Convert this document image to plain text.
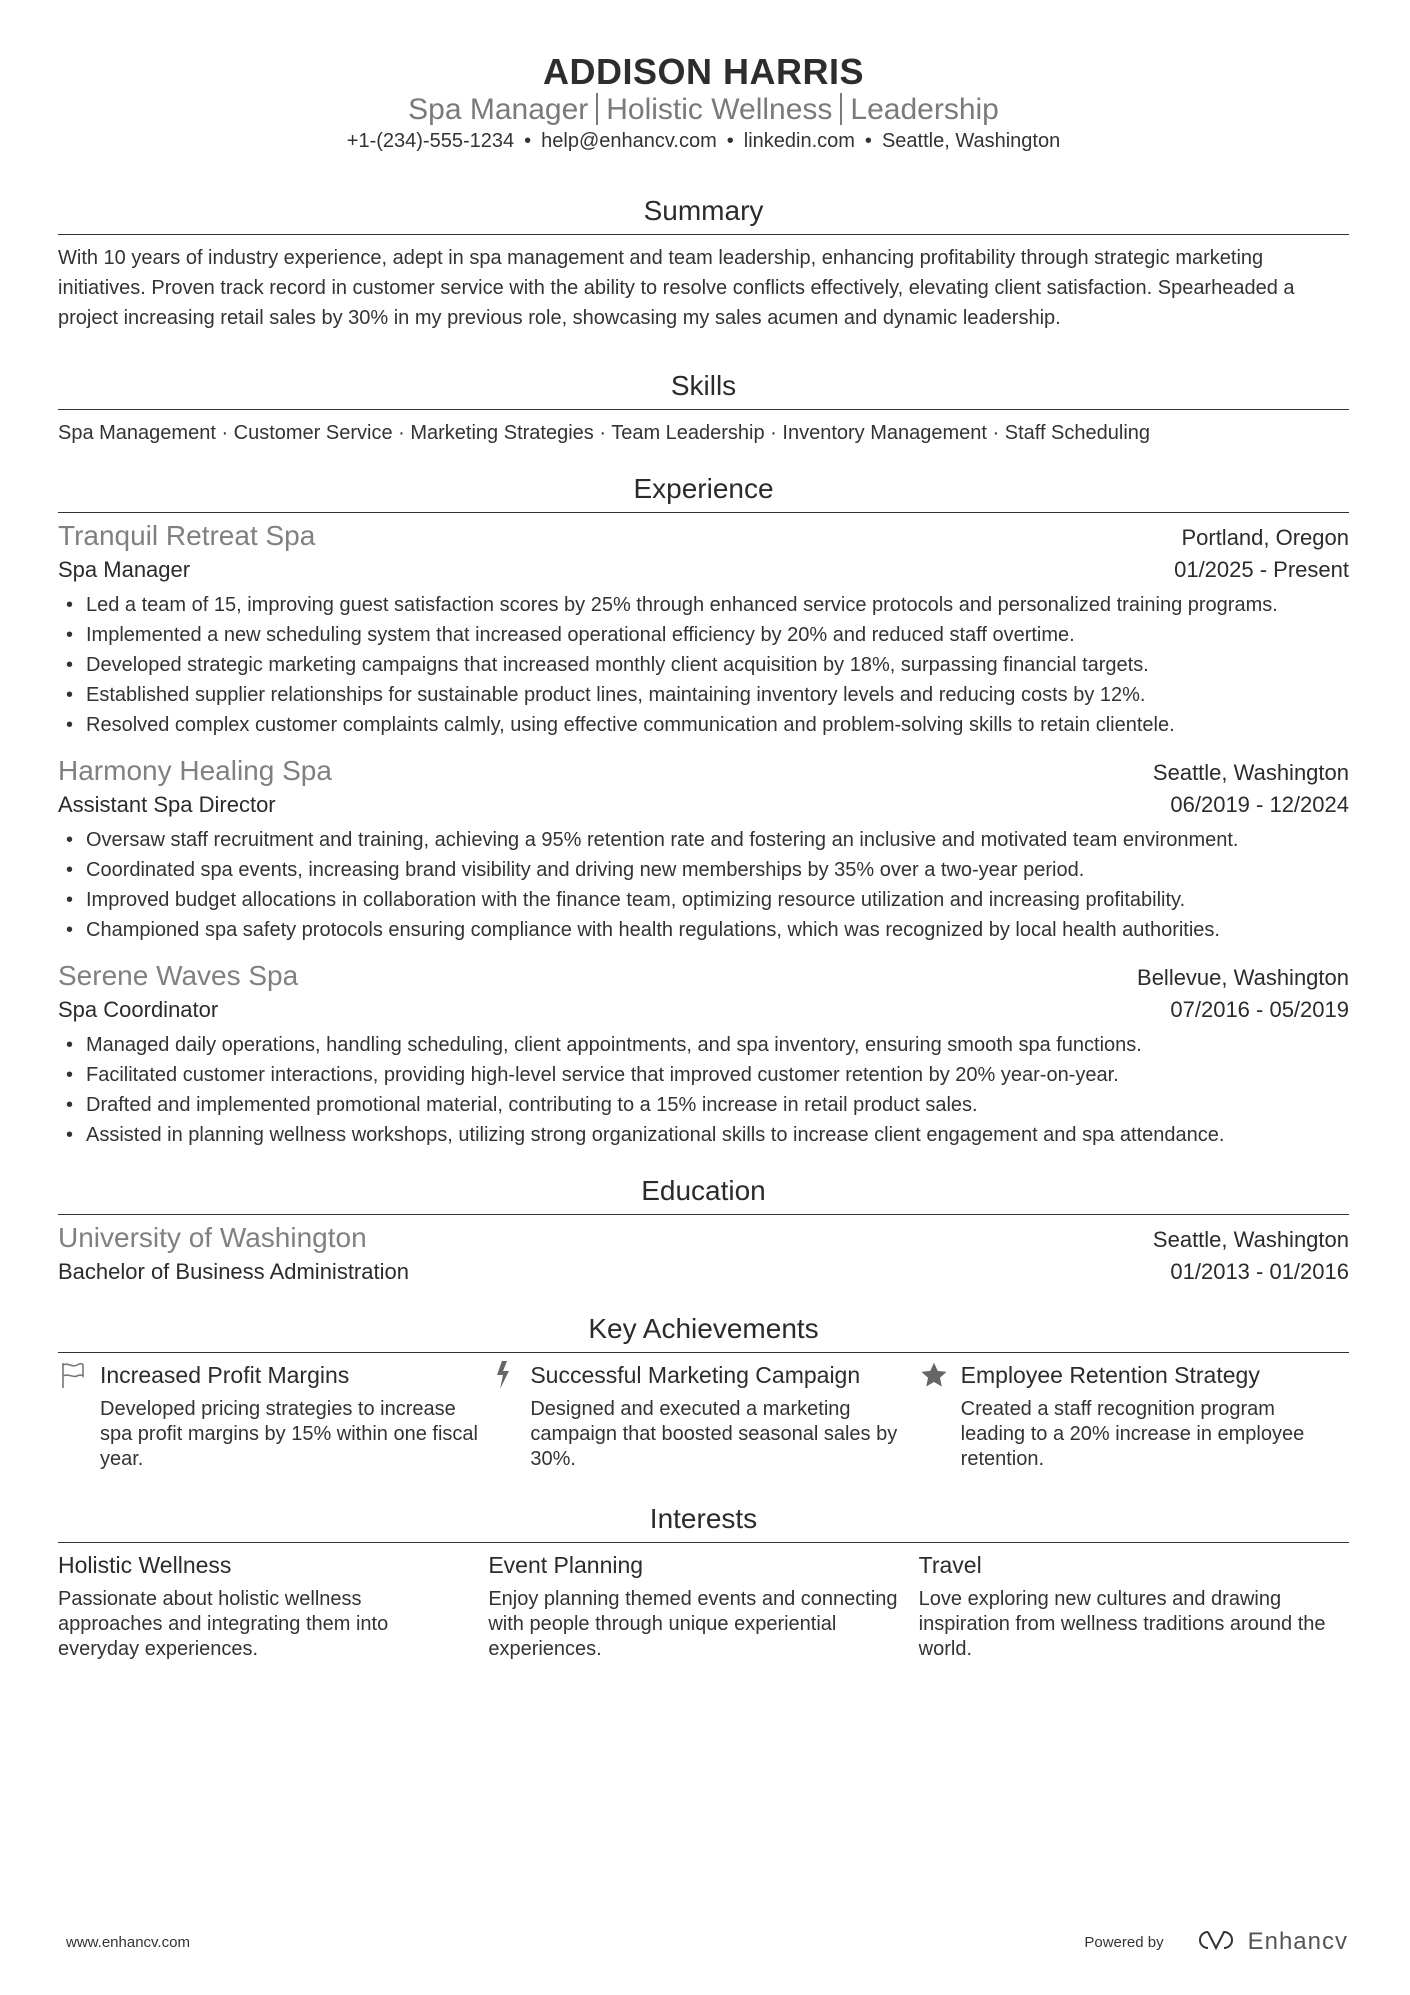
ADDISON HARRIS
Spa Manager Holistic Wellness Leadership
+1-(234)-555-1234 • help@enhancv.com • linkedin.com • Seattle, Washington
Summary
With 10 years of industry experience, adept in spa management and team leadership, enhancing profitability through strategic marketing initiatives. Proven track record in customer service with the ability to resolve conflicts effectively, elevating client satisfaction. Spearheaded a project increasing retail sales by 30% in my previous role, showcasing my sales acumen and dynamic leadership.
Skills
Spa Management · Customer Service · Marketing Strategies · Team Leadership · Inventory Management · Staff Scheduling
Experience
Tranquil Retreat Spa	Portland, Oregon
Spa Manager	01/2025 - Present
• Led a team of 15, improving guest satisfaction scores by 25% through enhanced service protocols and personalized training programs.
• Implemented a new scheduling system that increased operational efficiency by 20% and reduced staff overtime.
• Developed strategic marketing campaigns that increased monthly client acquisition by 18%, surpassing financial targets.
• Established supplier relationships for sustainable product lines, maintaining inventory levels and reducing costs by 12%.
• Resolved complex customer complaints calmly, using effective communication and problem-solving skills to retain clientele.
Harmony Healing Spa	Seattle, Washington
Assistant Spa Director	06/2019 - 12/2024
• Oversaw staff recruitment and training, achieving a 95% retention rate and fostering an inclusive and motivated team environment.
• Coordinated spa events, increasing brand visibility and driving new memberships by 35% over a two-year period.
• Improved budget allocations in collaboration with the finance team, optimizing resource utilization and increasing profitability.
• Championed spa safety protocols ensuring compliance with health regulations, which was recognized by local health authorities.
Serene Waves Spa	Bellevue, Washington
Spa Coordinator	07/2016 - 05/2019
• Managed daily operations, handling scheduling, client appointments, and spa inventory, ensuring smooth spa functions.
• Facilitated customer interactions, providing high-level service that improved customer retention by 20% year-on-year.
• Drafted and implemented promotional material, contributing to a 15% increase in retail product sales.
• Assisted in planning wellness workshops, utilizing strong organizational skills to increase client engagement and spa attendance.
Education
University of Washington	Seattle, Washington
Bachelor of Business Administration	01/2013 - 01/2016
Key Achievements
Increased Profit Margins
Developed pricing strategies to increase spa profit margins by 15% within one fiscal year.
Successful Marketing Campaign
Designed and executed a marketing campaign that boosted seasonal sales by 30%.
Employee Retention Strategy
Created a staff recognition program leading to a 20% increase in employee retention.
Interests
Holistic Wellness
Passionate about holistic wellness approaches and integrating them into everyday experiences.
Event Planning
Enjoy planning themed events and connecting with people through unique experiential experiences.
Travel
Love exploring new cultures and drawing inspiration from wellness traditions around the world.
www.enhancv.com	Powered by	Enhancv
